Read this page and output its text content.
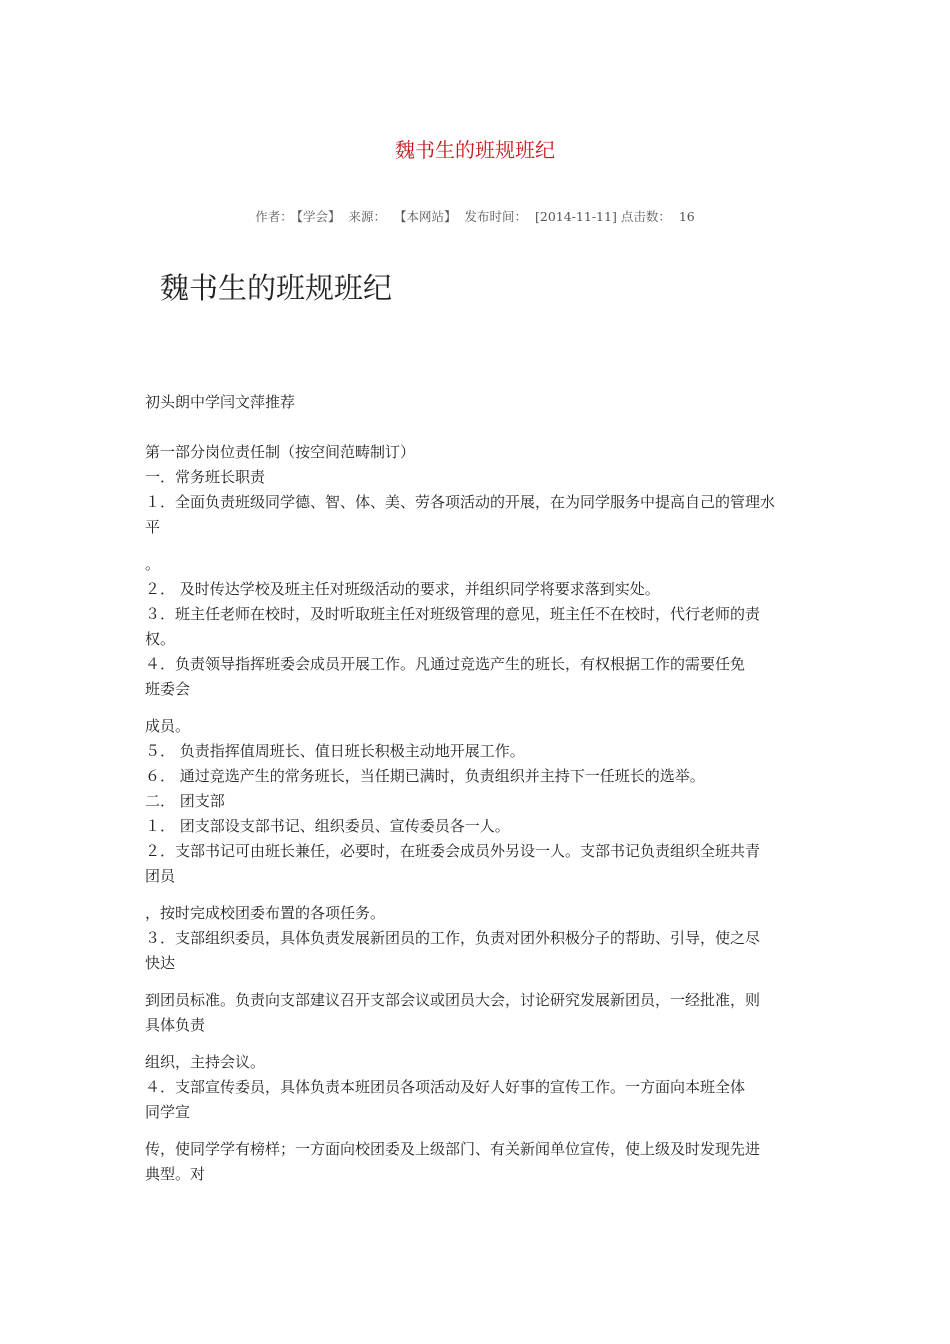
魏书生的班规班纪
作者： 【学会】 来源： 【本网站】 发布时间： [2014-11-11] 点击数： 16
魏书生的班规班纪
初头朗中学闫文萍推荐
第一部分岗位责任制（按空间范畴制订）
一．常务班长职责
１．全面负责班级同学德、智、体、美、劳各项活动的开展，在为同学服务中提高自己的管理水
平
。
２． 及时传达学校及班主任对班级活动的要求，并组织同学将要求落到实处。
３．班主任老师在校时，及时听取班主任对班级管理的意见，班主任不在校时，代行老师的责
权。
４．负责领导指挥班委会成员开展工作。凡通过竞选产生的班长，有权根据工作的需要任免
班委会
成员。
５． 负责指挥值周班长、值日班长积极主动地开展工作。
６． 通过竞选产生的常务班长，当任期已满时，负责组织并主持下一任班长的选举。
二． 团支部
１． 团支部设支部书记、组织委员、宣传委员各一人。
２．支部书记可由班长兼任，必要时，在班委会成员外另设一人。支部书记负责组织全班共青
团员
，按时完成校团委布置的各项任务。
３．支部组织委员，具体负责发展新团员的工作，负责对团外积极分子的帮助、引导，使之尽
快达
到团员标准。负责向支部建议召开支部会议或团员大会，讨论研究发展新团员，一经批准，则
具体负责
组织，主持会议。
４．支部宣传委员，具体负责本班团员各项活动及好人好事的宣传工作。一方面向本班全体
同学宣
传，使同学学有榜样；一方面向校团委及上级部门、有关新闻单位宣传，使上级及时发现先进
典型。对
